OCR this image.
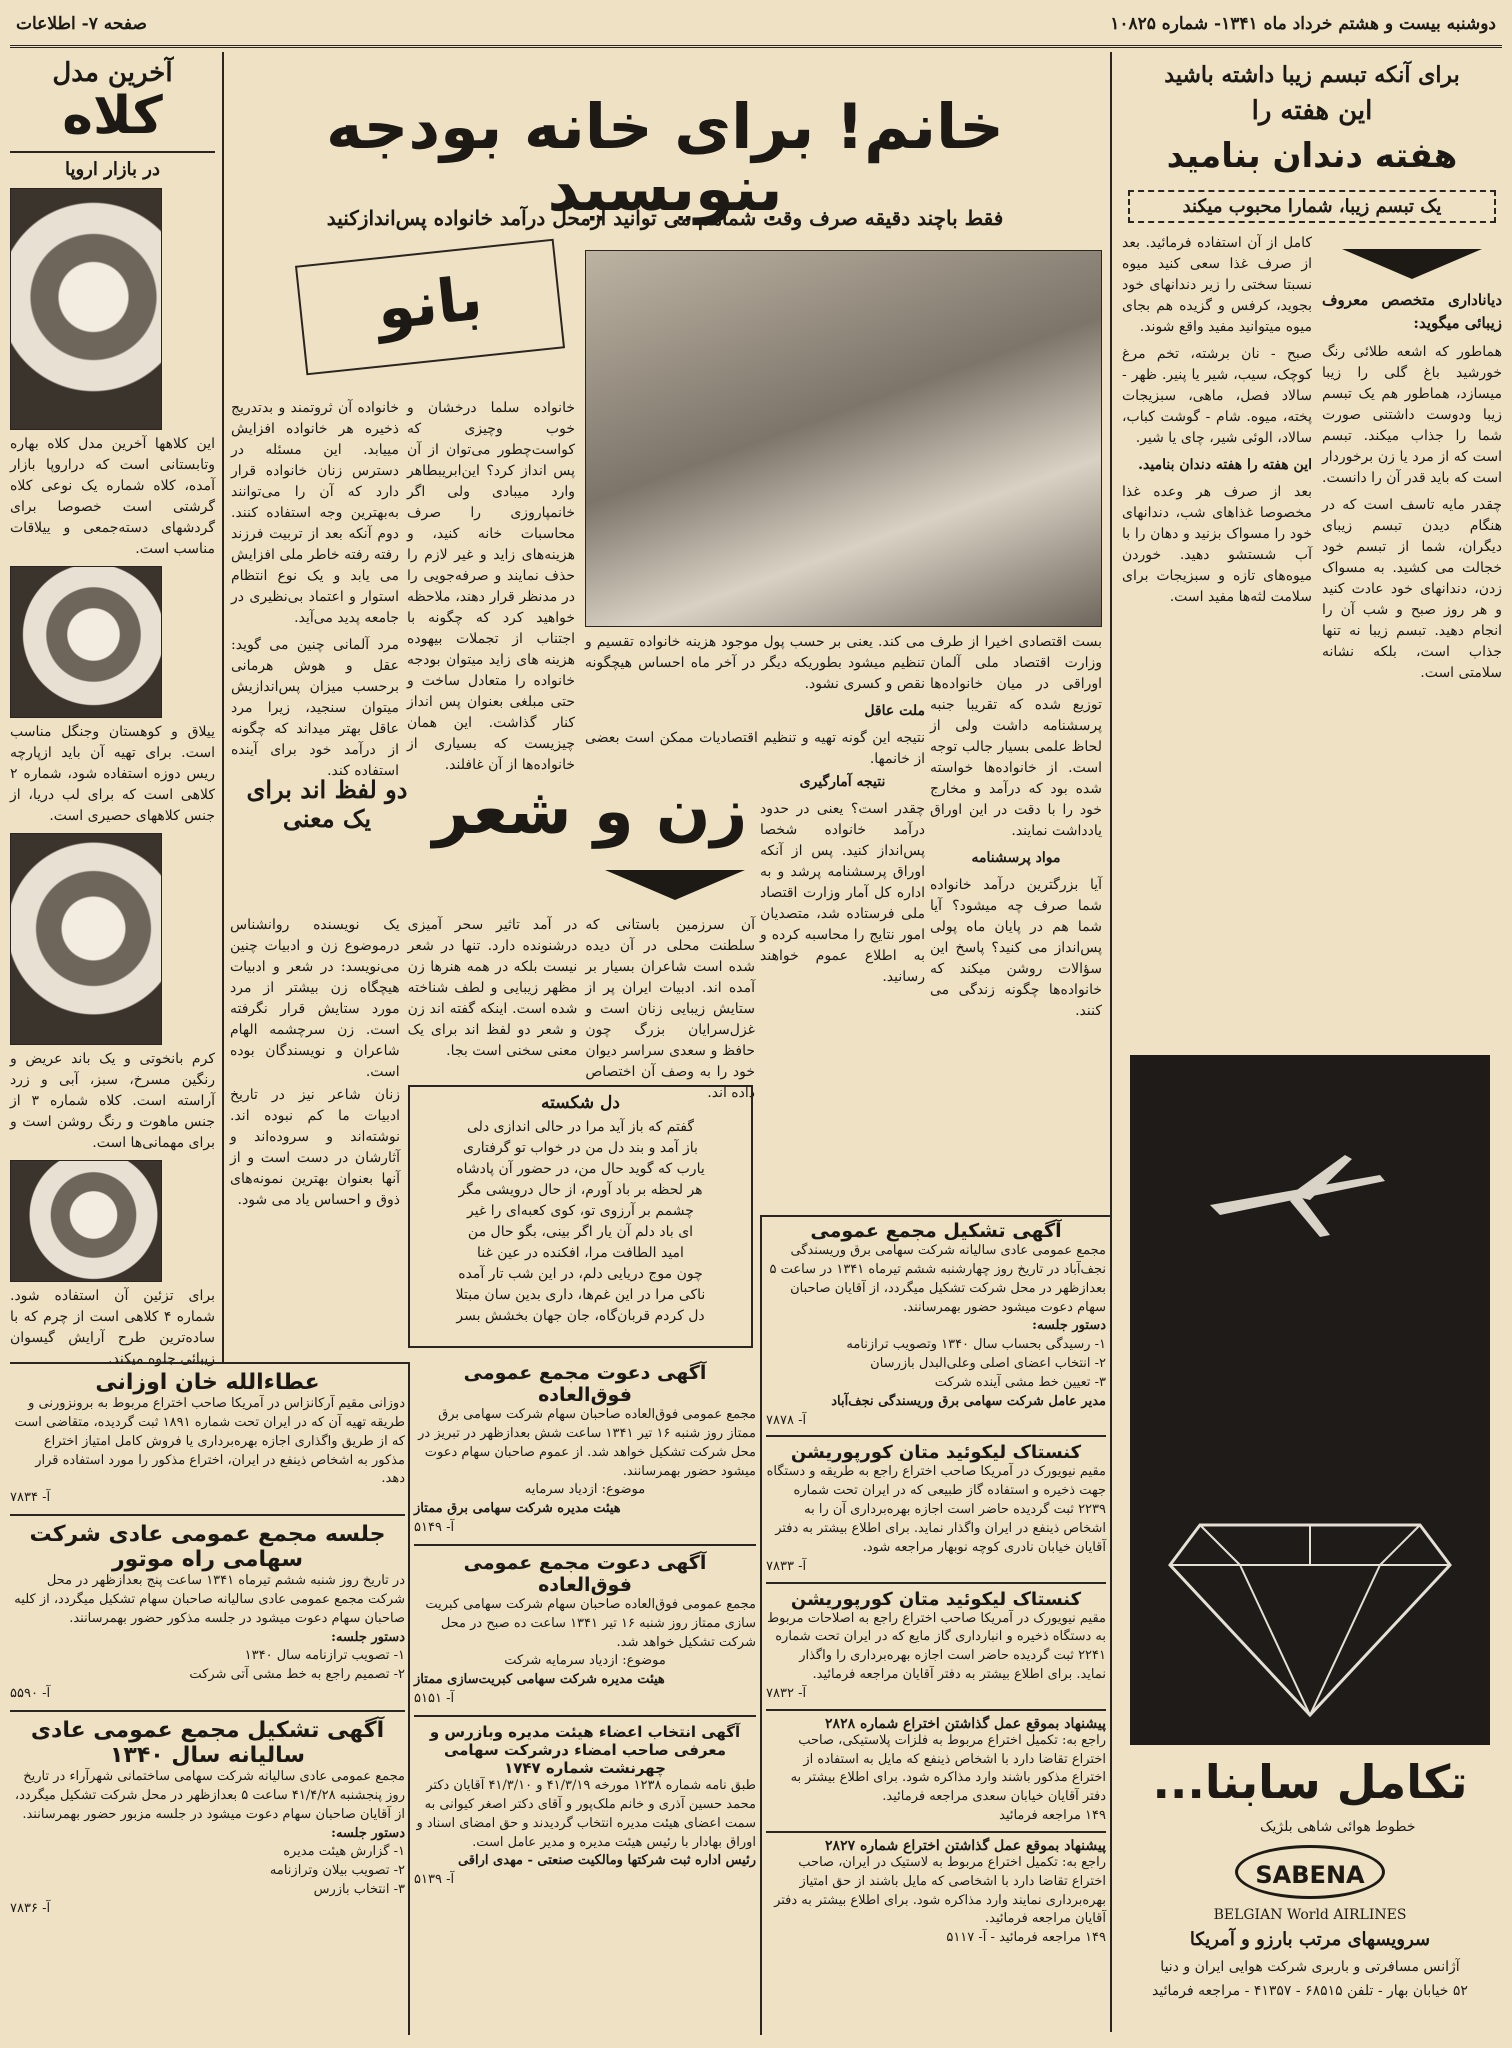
دوشنبه بیست و هشتم خرداد ماه ۱۳۴۱- شماره ۱۰۸۲۵
صفحه ۷- اطلاعات
برای آنکه تبسم زیبا داشته باشید
این هفته را
هفته دندان بنامید
یک تبسم زیبا، شمارا محبوب میکند
دیاناداری متخصص معروف زیبائی میگوید:
هماطور که اشعه طلائی رنگ خورشید باغ گلی را زیبا میسازد، هماطور هم یک تبسم زیبا ودوست داشتنی صورت شما را جذاب میکند. تبسم است که از مرد یا زن برخوردار است که باید قدر آن را دانست.
چقدر مایه تاسف است که در هنگام دیدن تبسم زیبای دیگران، شما از تبسم خود خجالت می کشید. به مسواک زدن، دندانهای خود عادت کنید و هر روز صبح و شب آن را انجام دهید. تبسم زیبا نه تنها جذاب است، بلکه نشانه سلامتی است.
کامل از آن استفاده فرمائید. بعد از صرف غذا سعی کنید میوه نسبتا سختی را زیر دندانهای خود بجوید، کرفس و گزیده هم بجای میوه میتوانید مفید واقع شوند.
صبح - نان برشته، تخم مرغ کوچک، سیب، شیر یا پنیر. ظهر - سالاد فصل، ماهی، سبزیجات پخته، میوه. شام - گوشت کباب، سالاد، الوئی شیر، چای یا شیر.
این هفته را هفته دندان بنامید.
بعد از صرف هر وعده غذا مخصوصا غذاهای شب، دندانهای خود را مسواک بزنید و دهان را با آب شستشو دهید. خوردن میوه‌های تازه و سبزیجات برای سلامت لثه‌ها مفید است.
تکامل سابنا...
خطوط هوائی شاهی بلژیک
SABENA
BELGIAN World AIRLINES
سرویسهای مرتب بارزو و آمریکا
آژانس مسافرتی و باربری شرکت هوایی ایران و دنیا
۵۲ خیابان بهار - تلفن ۶۸۵۱۵ - ۴۱۳۵۷ - مراجعه فرمائید
خانم! برای خانه بودجه بنویسید
فقط باچند دقیقه صرف وقت شماهم می توانید ازمحل درآمد خانواده پس‌اندازکنید
بانو
خانواده سلما درخشان و خوب وچیزی که کواست‌چطور می‌توان از آن پس انداز کرد؟ این‌ابریبطاهر وارد میبادی ولی اگر خانمپارو‌زی را صرف محاسبات خانه کنید، و هزینه‌های زاید و غیر لازم را حذف نمایند و صرفه‌جویی را در مدنظر قرار دهند، ملاحظه خواهید کرد که چگونه با اجتناب از تجملات بیهوده هزینه های زاید میتوان بودجه خانواده را متعادل ساخت و حتی مبلغی بعنوان پس انداز کنار گذاشت. این همان چیزیست که بسیاری از خانواده‌ها از آن غافلند.
خانواده آن ثروتمند و بدتدریج ذخیره هر خانواده افزایش مییابد. این مسئله در دسترس زنان خانواده قرار دارد که آن را می‌توانند به‌بهترین وجه استفاده کنند. دوم آنکه بعد از تربیت فرزند رفته رفته خاطر ملی افزایش می یابد و یک نوع انتظام استوار و اعتماد بی‌نظیری در جامعه پدید می‌آید.
مرد آلمانی چنین می گوید: عقل و هوش هرمانی برحسب میزان پس‌اندازیش میتوان سنجید، زیرا مرد عاقل بهتر میداند که چگونه از درآمد خود برای آینده استفاده کند.
می کند. یعنی بر حسب پول موجود هزینه خانواده تقسیم و تنظیم میشود بطوریکه دیگر در آخر ماه احساس هیچگونه نقص و کسری نشود.
ملت عاقل
نتیجه این گونه تهیه و تنظیم اقتصادیات ممکن است بعضی از خانمها.
بست اقتصادی اخیرا از طرف وزارت اقتصاد ملی آلمان اوراقی در میان خانواده‌ها توزیع شده که تقریبا جنبه پرسشنامه داشت ولی از لحاظ علمی بسیار جالب توجه است. از خانواده‌ها خواسته شده بود که درآمد و مخارج خود را با دقت در این اوراق یادداشت نمایند.
مواد پرسشنامه
آیا بزرگترین درآمد خانواده شما صرف چه میشود؟ آیا شما هم در پایان ماه پولی پس‌انداز می کنید؟ پاسخ این سؤالات روشن میکند که خانواده‌ها چگونه زندگی می کنند.
نتیجه آمارگیری
چقدر است؟ یعنی در حدود درآمد خانواده شخصا پس‌انداز کنید. پس از آنکه اوراق پرسشنامه پرشد و به اداره کل آمار وزارت اقتصاد ملی فرستاده شد، متصدیان امور نتایج را محاسبه کرده و به اطلاع عموم خواهند رسانید.
زن و شعر
دو لفظ اند برای یک معنی
آن سرزمین باستانی که سلطنت محلی در آن دیده شده است شاعران بسیار بر آمده اند. ادبیات ایران پر از ستایش زیبایی زنان است و غزل‌سرایان بزرگ چون حافظ و سعدی سراسر دیوان خود را به وصف آن اختصاص داده اند.
در آمد تاثیر سحر آمیزی درشنونده دارد. تنها در شعر نیست بلکه در همه هنرها زن مظهر زیبایی و لطف شناخته شده است. اینکه گفته اند زن و شعر دو لفظ اند برای یک معنی سخنی است بجا.
یک نویسنده روانشناس درموضوع زن و ادبیات چنین می‌نویسد: در شعر و ادبیات هیچگاه زن بیشتر از مرد مورد ستایش قرار نگرفته است. زن سرچشمه الهام شاعران و نویسندگان بوده است.
زنان شاعر نیز در تاریخ ادبیات ما کم نبوده اند. نوشته‌اند و سروده‌اند و آثارشان در دست است و از آنها بعنوان بهترین نمونه‌های ذوق و احساس یاد می شود.
دل شکسته
گفتم که باز آید مرا در حالی اندازی دلی
باز آمد و بند دل من در خواب تو گرفتاری
یارب که گوید حال من، در حضور آن پادشاه
هر لحظه بر باد آورم، از حال درویشی مگر
چشمم بر آرزوی تو، کوی کعبه‌ای را غیر
ای باد دلم آن یار اگر بینی، بگو حال من
امید الطافت مرا، افکنده در عین غنا
چون موج دریایی دلم، در این شب تار آمده
ناکی مرا در این غم‌ها، داری بدین سان مبتلا
دل کردم قربان‌گاه، جان جهان بخشش بسر
آخرین مدل
کلاه
در بازار اروپا
این کلاهها آخرین مدل کلاه بهاره وتابستانی است که دراروپا بازار آمده، کلاه شماره یک نوعی کلاه گرشتی است خصوصا برای گردشهای دسته‌جمعی و ییلاقات مناسب است.
ییلاق و کوهستان وجنگل مناسب است. برای تهیه آن باید ازپارچه ریس دوزه استفاده شود، شماره ۲ کلاهی است که برای لب دریا، از جنس کلاههای حصیری است.
کرم بانخوتی و یک باند عریض و رنگین مسرخ، سبز، آبی و زرد آراسته است. کلاه شماره ۳ از جنس ماهوت و رنگ روشن است و برای مهمانی‌ها است.
برای تزئین آن استفاده شود. شماره ۴ کلاهی است از چرم که با ساده‌ترین طرح آرایش گیسوان زیبائی جلوه میکند.
عطاءالله خان اوزانی
دوزانی مقیم آرکانزاس در آمریکا صاحب اختراع مربوط به برونزورنی و طریقه تهیه آن که در ایران تحت شماره ۱۸۹۱ ثبت گردیده، متقاضی است که از طریق واگذاری اجازه بهره‌برداری یا فروش کامل امتیاز اختراع مذکور به اشخاص ذینفع در ایران، اختراع مذکور را مورد استفاده قرار دهد.
آ- ۷۸۳۴
جلسه مجمع عمومی عادی شرکت سهامی راه موتور
در تاریخ روز شنبه ششم تیرماه ۱۳۴۱ ساعت پنج بعدازظهر در محل شرکت مجمع عمومی عادی سالیانه صاحبان سهام تشکیل میگردد، از کلیه صاحبان سهام دعوت میشود در جلسه مذکور حضور بهمرسانند.
دستور جلسه:
۱- تصویب ترازنامه سال ۱۳۴۰
۲- تصمیم راجع به خط مشی آتی شرکت
آ- ۵۵۹۰
آگهی تشکیل مجمع عمومی عادی سالیانه سال ۱۳۴۰
مجمع عمومی عادی سالیانه شرکت سهامی ساختمانی شهرآراء در تاریخ روز پنجشنبه ۴۱/۴/۲۸ ساعت ۵ بعدازظهر در محل شرکت تشکیل میگردد، از آقایان صاحبان سهام دعوت میشود در جلسه مزبور حضور بهمرسانند.
دستور جلسه:
۱- گزارش هیئت مدیره
۲- تصویب بیلان وترازنامه
۳- انتخاب بازرس
آ- ۷۸۳۶
آگهی دعوت مجمع عمومی فوق‌العاده
مجمع عمومی فوق‌العاده صاحبان سهام شرکت سهامی برق ممتاز روز شنبه ۱۶ تیر ۱۳۴۱ ساعت شش بعدازظهر در تبریز در محل شرکت تشکیل خواهد شد. از عموم صاحبان سهام دعوت میشود حضور بهمرسانند.
موضوع: ازدیاد سرمایه
هیئت مدیره شرکت سهامی برق ممتاز
آ- ۵۱۴۹
آگهی دعوت مجمع عمومی فوق‌العاده
مجمع عمومی فوق‌العاده صاحبان سهام شرکت سهامی کبریت سازی ممتاز روز شنبه ۱۶ تیر ۱۳۴۱ ساعت ده صبح در محل شرکت تشکیل خواهد شد.
موضوع: ازدیاد سرمایه شرکت
هیئت مدیره شرکت سهامی کبریت‌سازی ممتاز
آ- ۵۱۵۱
آگهی انتخاب اعضاء هیئت مدیره وبازرس و معرفی صاحب امضاء درشرکت سهامی چهرنشت شماره ۱۷۴۷
طبق نامه شماره ۱۲۳۸ مورخه ۴۱/۳/۱۹ و ۴۱/۳/۱۰ آقایان دکتر محمد حسین آذری و خانم ملک‌پور و آقای دکتر اصغر کیوانی به سمت اعضای هیئت مدیره انتخاب گردیدند و حق امضای اسناد و اوراق بهادار با رئیس هیئت مدیره و مدیر عامل است.
رئیس اداره ثبت شرکتها ومالکیت صنعتی - مهدی اراقی
آ- ۵۱۳۹
آگهی تشکیل مجمع عمومی
مجمع عمومی عادی سالیانه شرکت سهامی برق وریسندگی نجف‌آباد در تاریخ روز چهارشنبه ششم تیرماه ۱۳۴۱ در ساعت ۵ بعدازظهر در محل شرکت تشکیل میگردد، از آقایان صاحبان سهام دعوت میشود حضور بهمرسانند.
دستور جلسه:
۱- رسیدگی بحساب سال ۱۳۴۰ وتصویب ترازنامه
۲- انتخاب اعضای اصلی وعلی‌البدل بازرسان
۳- تعیین خط مشی آینده شرکت
مدیر عامل شرکت سهامی برق وریسندگی نجف‌آباد
آ- ۷۸۷۸
کنستاک لیکوئید متان کورپوریشن
مقیم نیویورک در آمریکا صاحب اختراع راجع به طریقه و دستگاه جهت ذخیره و استفاده گاز طبیعی که در ایران تحت شماره ۲۲۳۹ ثبت گردیده حاضر است اجازه بهره‌برداری آن را به اشخاص ذینفع در ایران واگذار نماید. برای اطلاع بیشتر به دفتر آقایان خیابان نادری کوچه نوبهار مراجعه شود.
آ- ۷۸۳۳
کنستاک لیکوئید متان کورپوریشن
مقیم نیویورک در آمریکا صاحب اختراع راجع به اصلاحات مربوط به دستگاه ذخیره و انبارداری گاز مایع که در ایران تحت شماره ۲۲۴۱ ثبت گردیده حاضر است اجازه بهره‌برداری را واگذار نماید. برای اطلاع بیشتر به دفتر آقایان مراجعه فرمائید.
آ- ۷۸۳۲
پیشنهاد بموقع عمل گذاشتن اختراع شماره ۲۸۲۸
راجع به: تکمیل اختراع مربوط به فلزات پلاستیکی، صاحب اختراع تقاضا دارد با اشخاص ذینفع که مایل به استفاده از اختراع مذکور باشند وارد مذاکره شود. برای اطلاع بیشتر به دفتر آقایان خیابان سعدی مراجعه فرمائید.
۱۴۹ مراجعه فرمائید
پیشنهاد بموقع عمل گذاشتن اختراع شماره ۲۸۲۷
راجع به: تکمیل اختراع مربوط به لاستیک در ایران، صاحب اختراع تقاضا دارد با اشخاصی که مایل باشند از حق امتیاز بهره‌برداری نمایند وارد مذاکره شود. برای اطلاع بیشتر به دفتر آقایان مراجعه فرمائید.
۱۴۹ مراجعه فرمائید - آ- ۵۱۱۷
